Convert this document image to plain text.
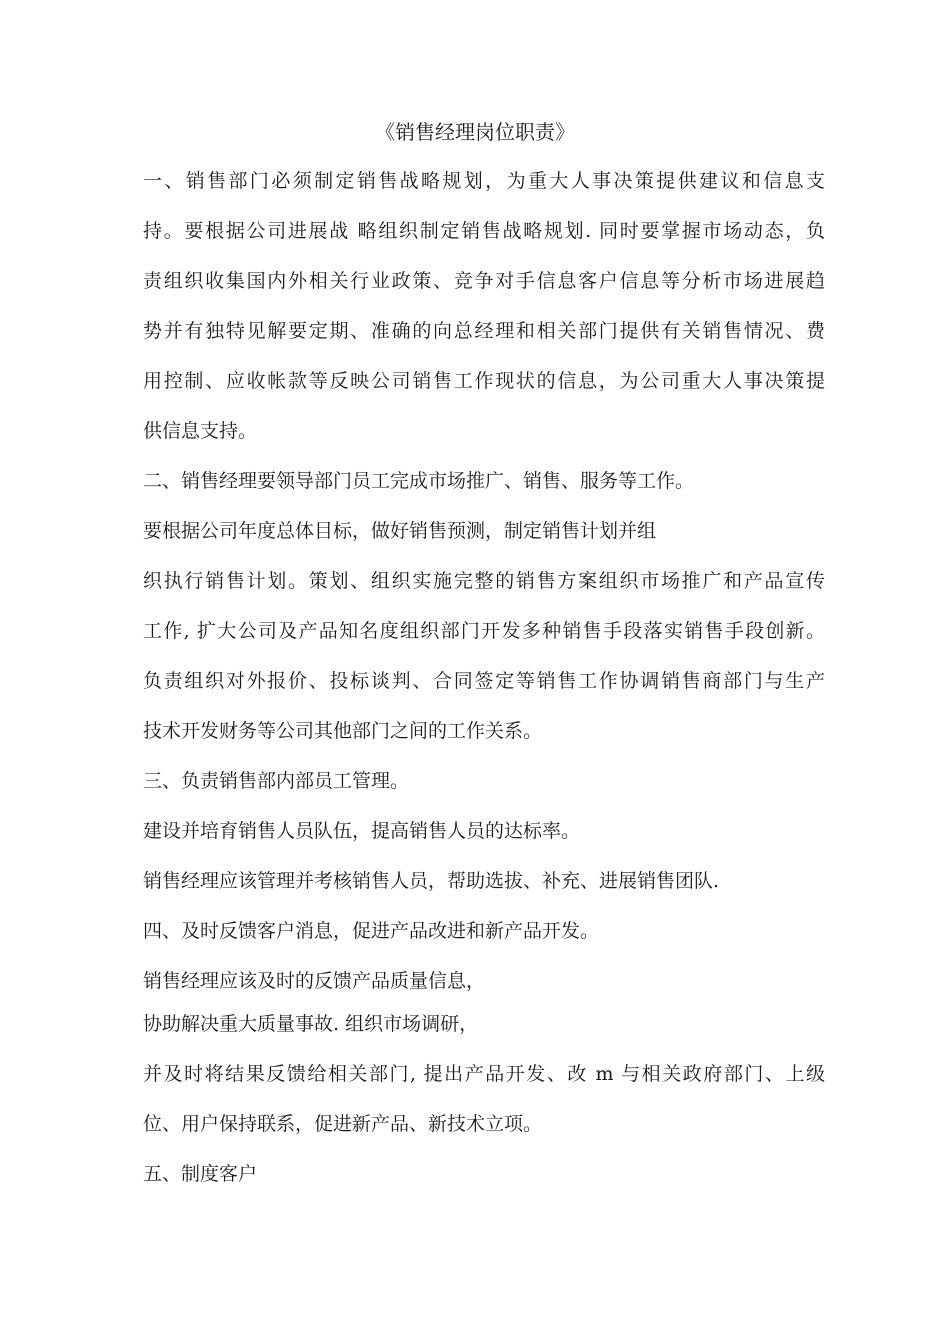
《销售经理岗位职责》
一、销售部门必须制定销售战略规划，为重大人事决策提供建议和信息支
持。要根据公司进展战 略组织制定销售战略规划. 同时要掌握市场动态，负
责组织收集国内外相关行业政策、竞争对手信息客户信息等分析市场进展趋
势并有独特见解要定期、准确的向总经理和相关部门提供有关销售情况、费
用控制、应收帐款等反映公司销售工作现状的信息，为公司重大人事决策提
供信息支持。
二、销售经理要领导部门员工完成市场推广、销售、服务等工作。
要根据公司年度总体目标，做好销售预测，制定销售计划并组
织执行销售计划。策划、组织实施完整的销售方案组织市场推广和产品宣传
工作, 扩大公司及产品知名度组织部门开发多种销售手段落实销售手段创新。
负责组织对外报价、投标谈判、合同签定等销售工作协调销售商部门与生产
技术开发财务等公司其他部门之间的工作关系。
三、负责销售部内部员工管理。
建设并培育销售人员队伍，提高销售人员的达标率。
销售经理应该管理并考核销售人员，帮助选拔、补充、进展销售团队.
四、及时反馈客户消息，促进产品改进和新产品开发。
销售经理应该及时的反馈产品质量信息，
协助解决重大质量事故. 组织市场调研，
并及时将结果反馈给相关部门, 提出产品开发、改 m 与相关政府部门、上级
位、用户保持联系，促进新产品、新技术立项。
五、制度客户
